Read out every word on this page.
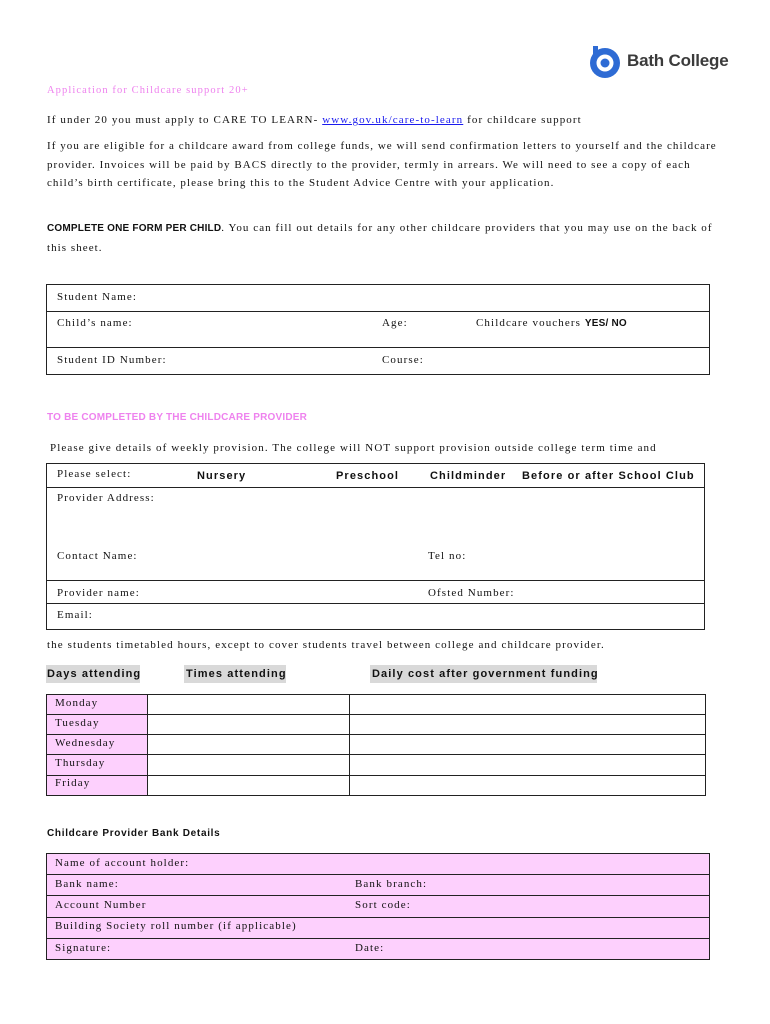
Bath College
Application for Childcare support 20+
If under 20 you must apply to CARE TO LEARN- www.gov.uk/care-to-learn for childcare support
If you are eligible for a childcare award from college funds, we will send confirmation letters to yourself and the childcare provider. Invoices will be paid by BACS directly to the provider, termly in arrears. We will need to see a copy of each child’s birth certificate, please bring this to the Student Advice Centre with your application.
COMPLETE ONE FORM PER CHILD. You can fill out details for any other childcare providers that you may use on the back of this sheet.
Student Name:
Child’s name:	Age:	Childcare vouchers YES/ NO
Student ID Number:	Course:
TO BE COMPLETED BY THE CHILDCARE PROVIDER
Please give details of weekly provision. The college will NOT support provision outside college term time and
Please select:	Nursery	Preschool	Childminder Before or after School Club
Provider Address:
Contact Name:	Tel no:
Provider name:	Ofsted Number:
Email:
the students timetabled hours, except to cover students travel between college and childcare provider.
Days attending	Times attending	Daily cost after government funding
Monday
Tuesday
Wednesday
Thursday
Friday
Childcare Provider Bank Details
Name of account holder:
Bank name:	Bank branch:
Account Number	Sort code:
Building Society roll number (if applicable)
Signature:	Date:
